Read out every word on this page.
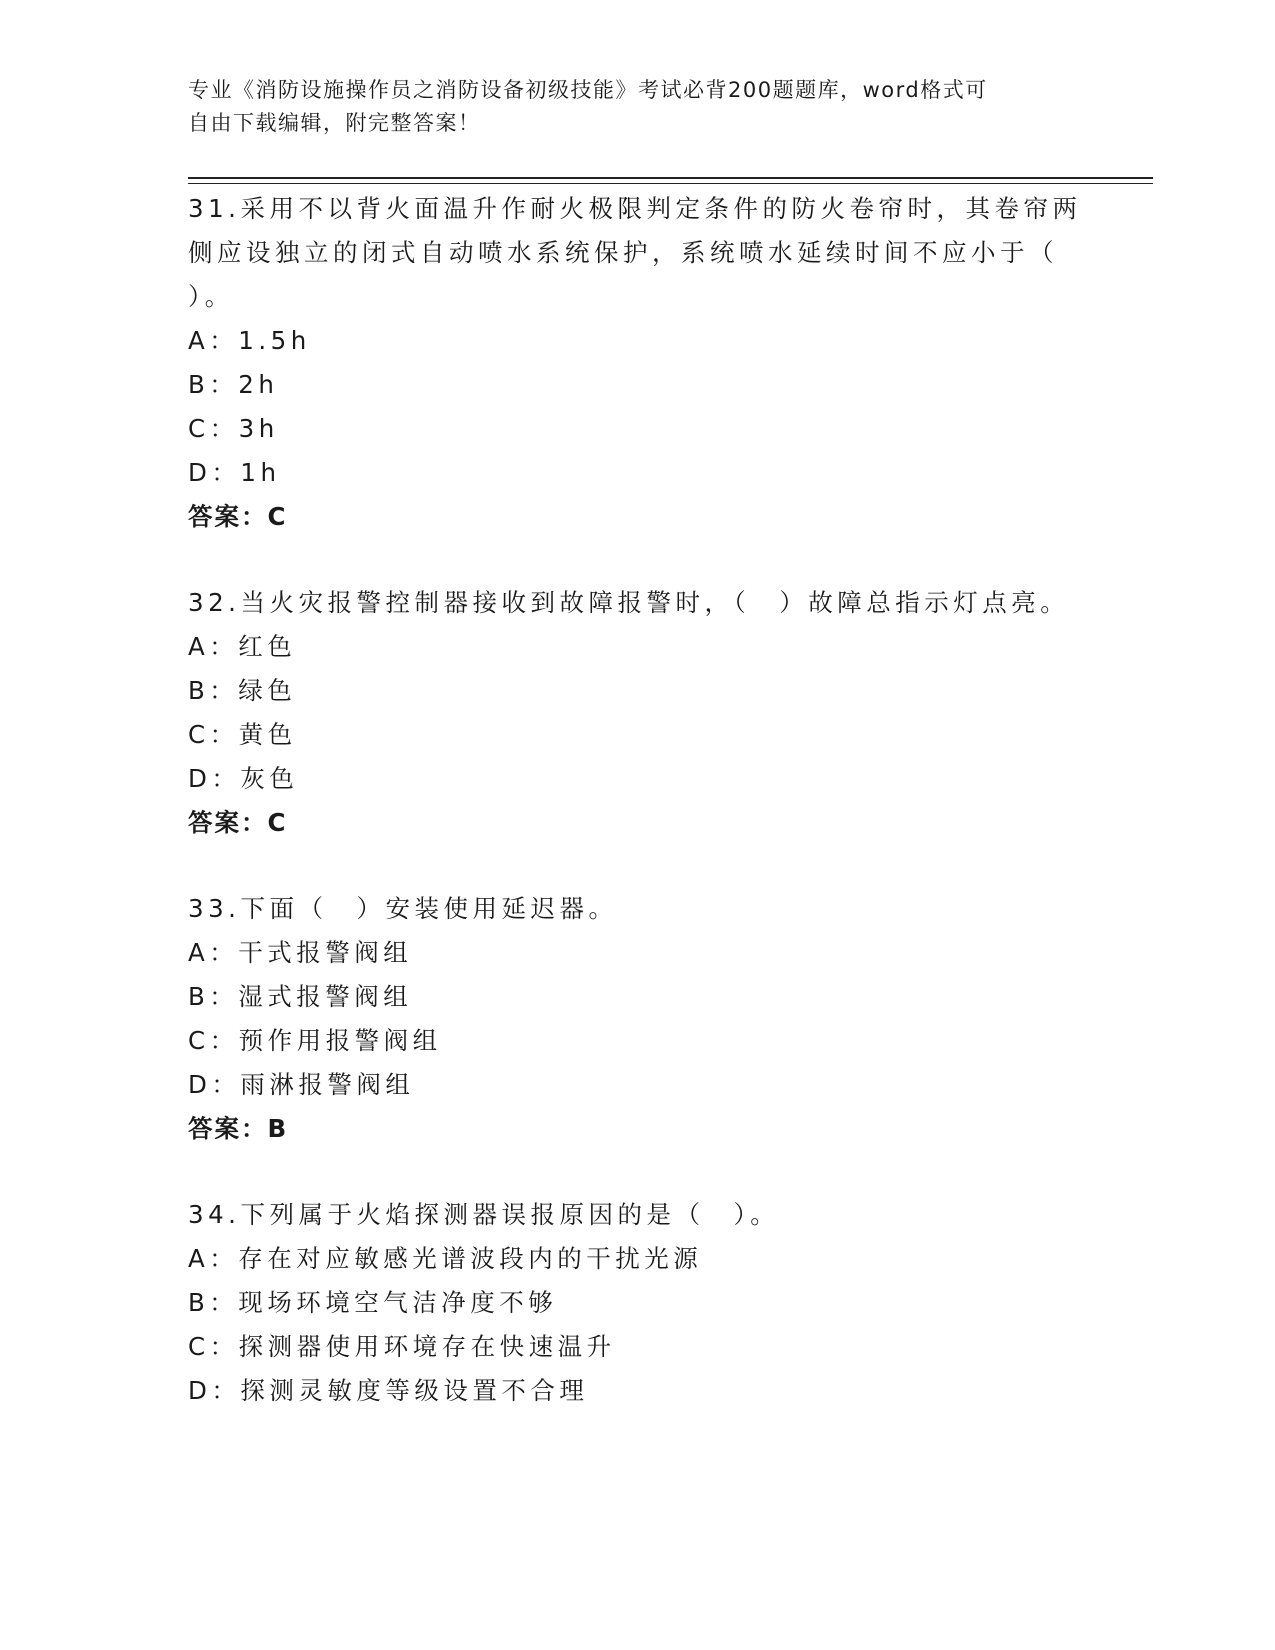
专业《消防设施操作员之消防设备初级技能》考试必背200题题库，word格式可
自由下载编辑，附完整答案！

31.采用不以背火面温升作耐火极限判定条件的防火卷帘时，其卷帘两

侧应设独立的闭式自动喷水系统保护，系统喷水延续时间不应小于（

）。

A：1.5h

B：2h

C：3h

D：1h

答案：C

32.当火灾报警控制器接收到故障报警时，（　）故障总指示灯点亮。

A：红色

B：绿色

C：黄色

D：灰色

答案：C

33.下面（　）安装使用延迟器。

A：干式报警阀组

B：湿式报警阀组

C：预作用报警阀组

D：雨淋报警阀组

答案：B

34.下列属于火焰探测器误报原因的是（　）。

A：存在对应敏感光谱波段内的干扰光源

B：现场环境空气洁净度不够

C：探测器使用环境存在快速温升

D：探测灵敏度等级设置不合理
